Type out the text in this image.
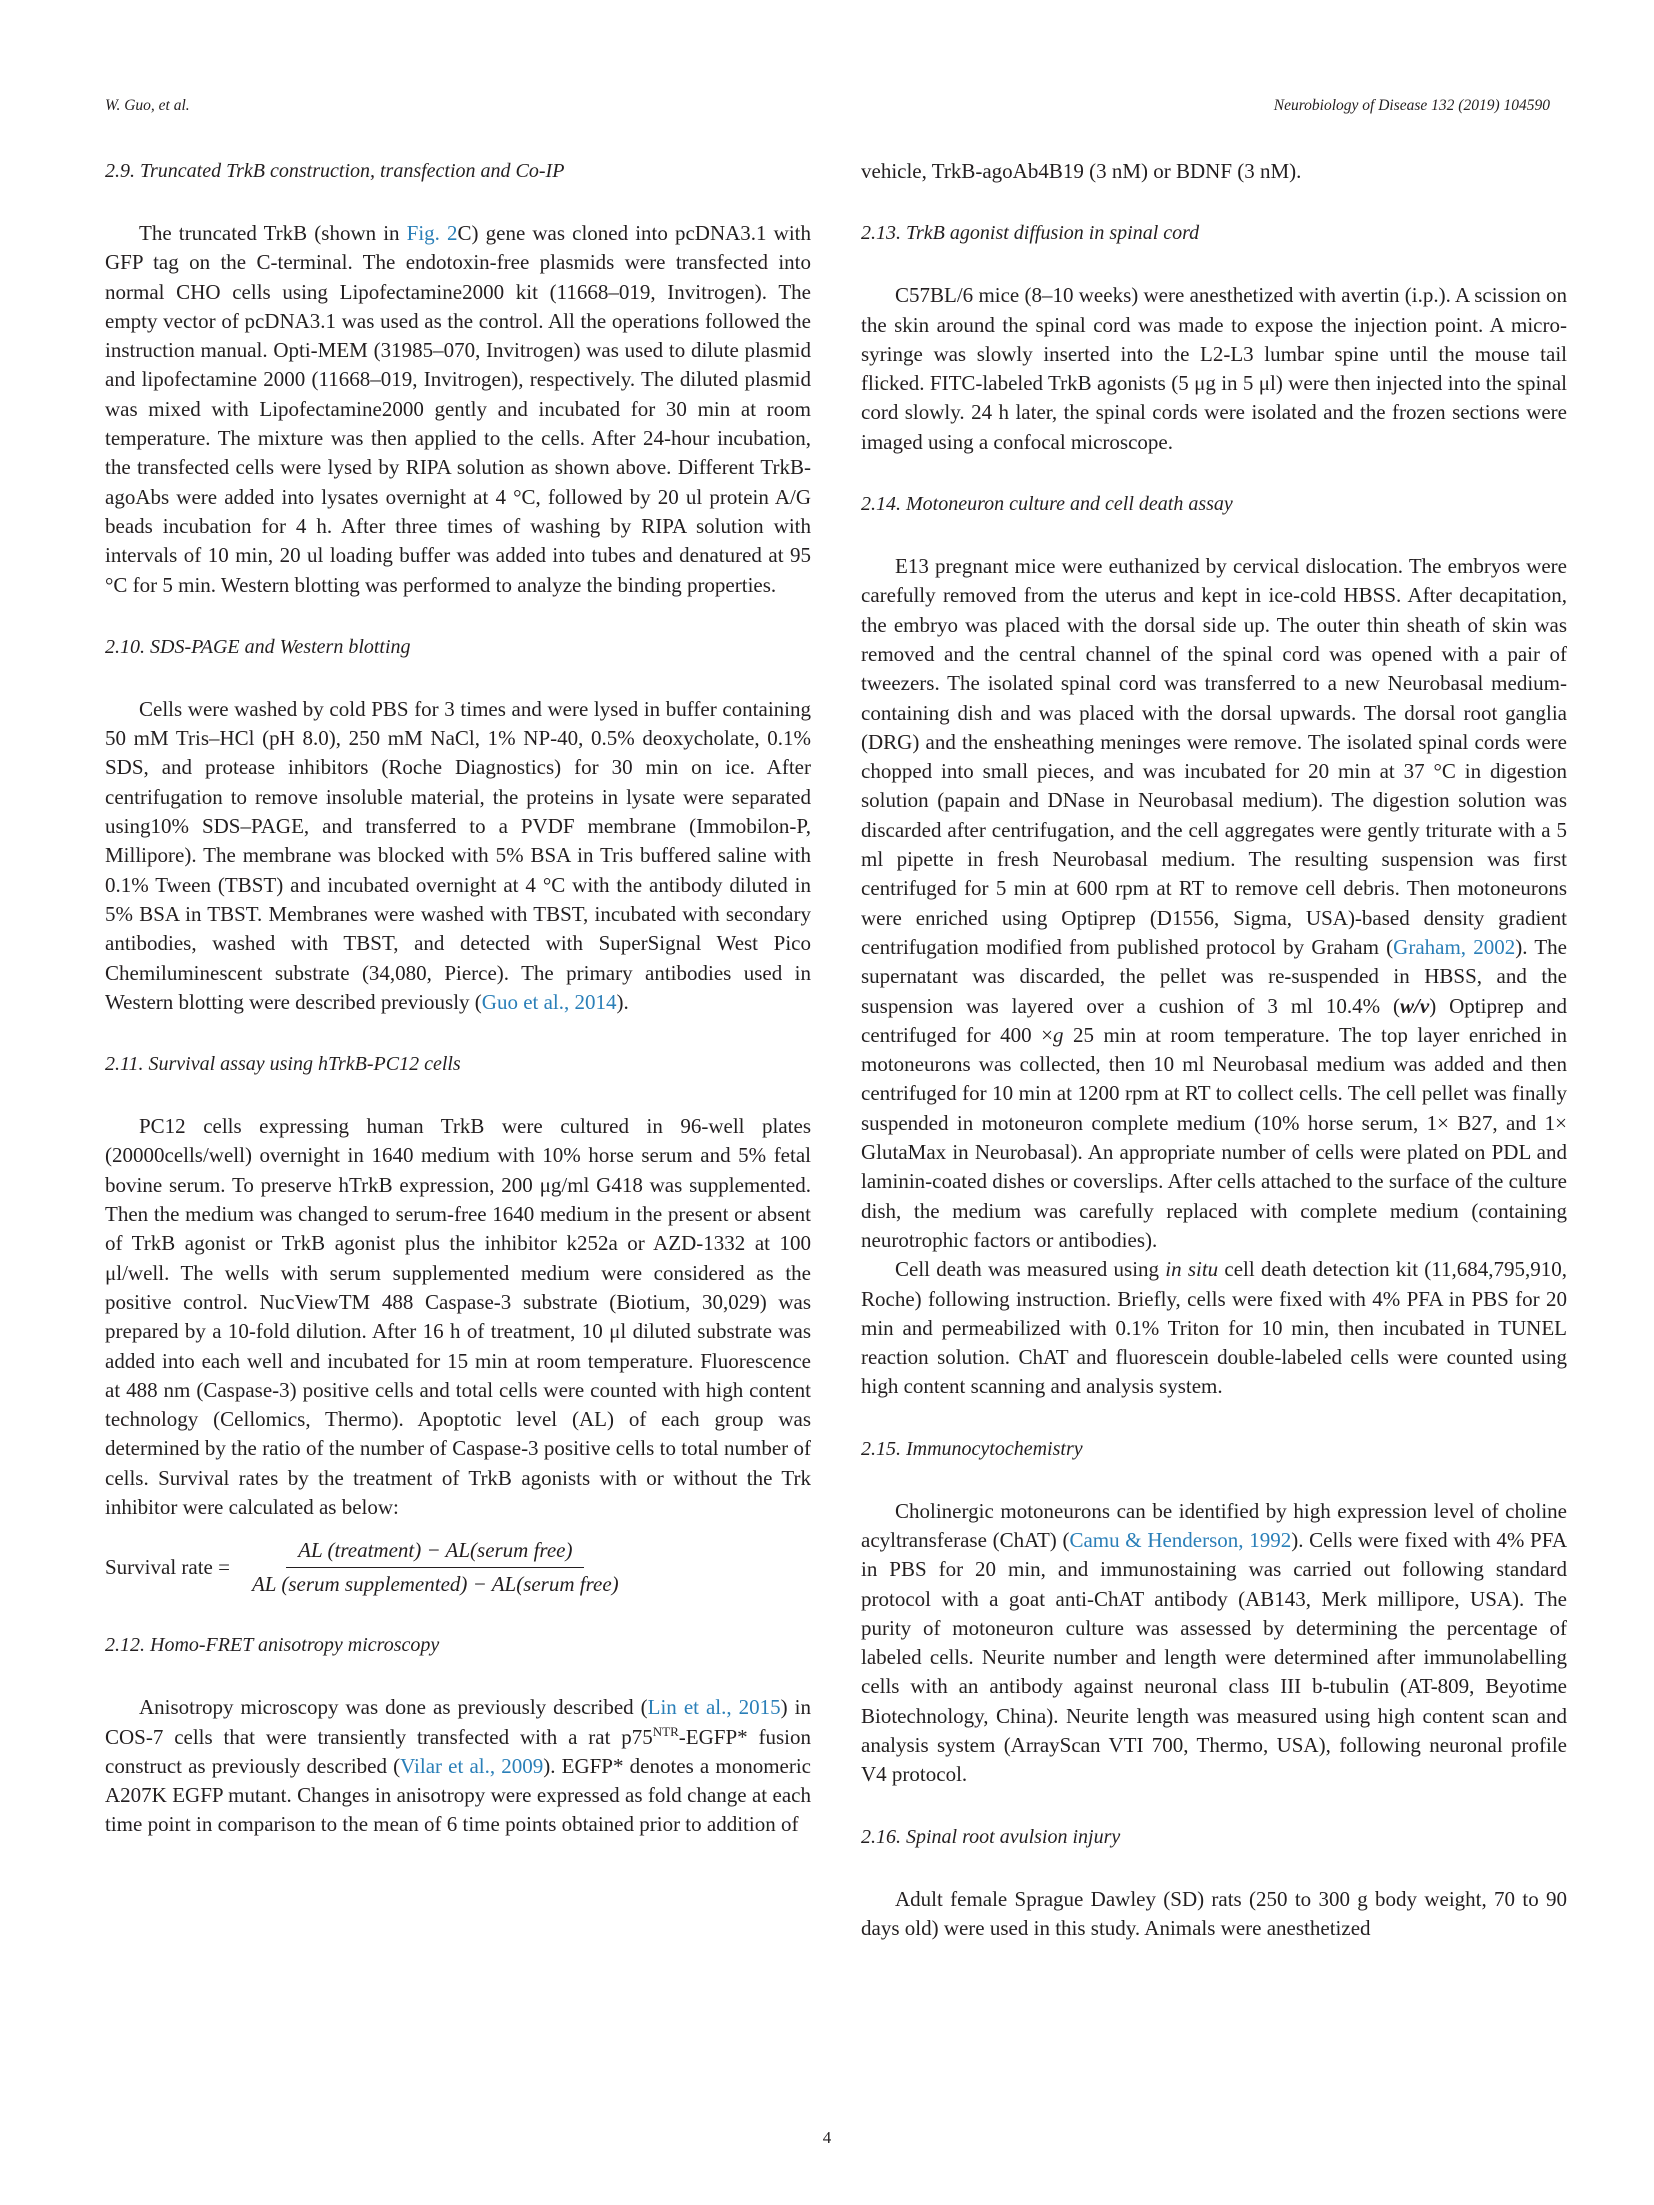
W. Guo, et al.	Neurobiology of Disease 132 (2019) 104590
2.9. Truncated TrkB construction, transfection and Co-IP

The truncated TrkB (shown in Fig. 2C) gene was cloned into pcDNA3.1 with GFP tag on the C-terminal. The endotoxin-free plasmids were transfected into normal CHO cells using Lipofectamine2000 kit (11668–019, Invitrogen). The empty vector of pcDNA3.1 was used as the control. All the operations followed the instruction manual. Opti-MEM (31985–070, Invitrogen) was used to dilute plasmid and lipofectamine 2000 (11668–019, Invitrogen), respectively. The diluted plasmid was mixed with Lipofectamine2000 gently and incubated for 30 min at room temperature. The mixture was then applied to the cells. After 24-hour incubation, the transfected cells were lysed by RIPA solution as shown above. Different TrkB-agoAbs were added into lysates overnight at 4 °C, followed by 20 ul protein A/G beads incubation for 4 h. After three times of washing by RIPA solution with intervals of 10 min, 20 ul loading buffer was added into tubes and denatured at 95 °C for 5 min. Western blotting was performed to analyze the binding properties.

2.10. SDS-PAGE and Western blotting

Cells were washed by cold PBS for 3 times and were lysed in buffer containing 50 mM Tris–HCl (pH 8.0), 250 mM NaCl, 1% NP-40, 0.5% deoxycholate, 0.1% SDS, and protease inhibitors (Roche Diagnostics) for 30 min on ice. After centrifugation to remove insoluble material, the proteins in lysate were separated using10% SDS–PAGE, and transferred to a PVDF membrane (Immobilon-P, Millipore). The membrane was blocked with 5% BSA in Tris buffered saline with 0.1% Tween (TBST) and incubated overnight at 4 °C with the antibody diluted in 5% BSA in TBST. Membranes were washed with TBST, incubated with secondary antibodies, washed with TBST, and detected with SuperSignal West Pico Chemiluminescent substrate (34,080, Pierce). The primary antibodies used in Western blotting were described previously (Guo et al., 2014).

2.11. Survival assay using hTrkB-PC12 cells

PC12 cells expressing human TrkB were cultured in 96-well plates (20000cells/well) overnight in 1640 medium with 10% horse serum and 5% fetal bovine serum. To preserve hTrkB expression, 200 μg/ml G418 was supplemented. Then the medium was changed to serum-free 1640 medium in the present or absent of TrkB agonist or TrkB agonist plus the inhibitor k252a or AZD-1332 at 100 μl/well. The wells with serum supplemented medium were considered as the positive control. NucViewTM 488 Caspase-3 substrate (Biotium, 30,029) was prepared by a 10-fold dilution. After 16 h of treatment, 10 μl diluted substrate was added into each well and incubated for 15 min at room temperature. Fluorescence at 488 nm (Caspase-3) positive cells and total cells were counted with high content technology (Cellomics, Thermo). Apoptotic level (AL) of each group was determined by the ratio of the number of Caspase-3 positive cells to total number of cells. Survival rates by the treatment of TrkB agonists with or without the Trk inhibitor were calculated as below:

Survival rate = $\frac{\text{AL (treatment) − AL(serum free)}}{\text{AL (serum supplemented) − AL(serum free)}}$
2.12. Homo-FRET anisotropy microscopy

Anisotropy microscopy was done as previously described (Lin et al., 2015) in COS-7 cells that were transiently transfected with a rat $p75^{NTR}-EGFP*$ fusion construct as previously described (Vilar et al., 2009). EGFP* denotes a monomeric A207K EGFP mutant. Changes in anisotropy were expressed as fold change at each time point in comparison to the mean of 6 time points obtained prior to addition of

vehicle, TrkB-agoAb4B19 (3 nM) or BDNF (3 nM).

2.13. TrkB agonist diffusion in spinal cord

C57BL/6 mice (8–10 weeks) were anesthetized with avertin (i.p.). A scission on the skin around the spinal cord was made to expose the injection point. A micro-syringe was slowly inserted into the L2-L3 lumbar spine until the mouse tail flicked. FITC-labeled TrkB agonists (5 μg in 5 μl) were then injected into the spinal cord slowly. 24 h later, the spinal cords were isolated and the frozen sections were imaged using a confocal microscope.

2.14. Motoneuron culture and cell death assay

E13 pregnant mice were euthanized by cervical dislocation. The embryos were carefully removed from the uterus and kept in ice-cold HBSS. After decapitation, the embryo was placed with the dorsal side up. The outer thin sheath of skin was removed and the central channel of the spinal cord was opened with a pair of tweezers. The isolated spinal cord was transferred to a new Neurobasal medium-containing dish and was placed with the dorsal upwards. The dorsal root ganglia (DRG) and the ensheathing meninges were remove. The isolated spinal cords were chopped into small pieces, and was incubated for 20 min at 37 °C in digestion solution (papain and DNase in Neurobasal medium). The digestion solution was discarded after centrifugation, and the cell aggregates were gently triturate with a 5 ml pipette in fresh Neurobasal medium. The resulting suspension was first centrifuged for 5 min at 600 rpm at RT to remove cell debris. Then motoneurons were enriched using Optiprep (D1556, Sigma, USA)-based density gradient centrifugation modified from published protocol by Graham (Graham, 2002). The supernatant was discarded, the pellet was re-suspended in HBSS, and the suspension was layered over a cushion of 3 ml 10.4% (w/v) Optiprep and centrifuged for 400 ×g 25 min at room temperature. The top layer enriched in motoneurons was collected, then 10 ml Neurobasal medium was added and then centrifuged for 10 min at 1200 rpm at RT to collect cells. The cell pellet was finally suspended in motoneuron complete medium (10% horse serum, 1× B27, and 1× GlutaMax in Neurobasal). An appropriate number of cells were plated on PDL and laminin-coated dishes or coverslips. After cells attached to the surface of the culture dish, the medium was carefully replaced with complete medium (containing neurotrophic factors or antibodies).

Cell death was measured using in situ cell death detection kit (11,684,795,910, Roche) following instruction. Briefly, cells were fixed with 4% PFA in PBS for 20 min and permeabilized with 0.1% Triton for 10 min, then incubated in TUNEL reaction solution. ChAT and fluorescein double-labeled cells were counted using high content scanning and analysis system.

2.15. Immunocytochemistry

Cholinergic motoneurons can be identified by high expression level of choline acyltransferase (ChAT) (Camu & Henderson, 1992). Cells were fixed with 4% PFA in PBS for 20 min, and immunostaining was carried out following standard protocol with a goat anti-ChAT antibody (AB143, Merk millipore, USA). The purity of motoneuron culture was assessed by determining the percentage of labeled cells. Neurite number and length were determined after immunolabelling cells with an antibody against neuronal class III b-tubulin (AT-809, Beyotime Biotechnology, China). Neurite length was measured using high content scan and analysis system (ArrayScan VTI 700, Thermo, USA), following neuronal profile V4 protocol.

2.16. Spinal root avulsion injury

Adult female Sprague Dawley (SD) rats (250 to 300 g body weight, 70 to 90 days old) were used in this study. Animals were anesthetized

4
